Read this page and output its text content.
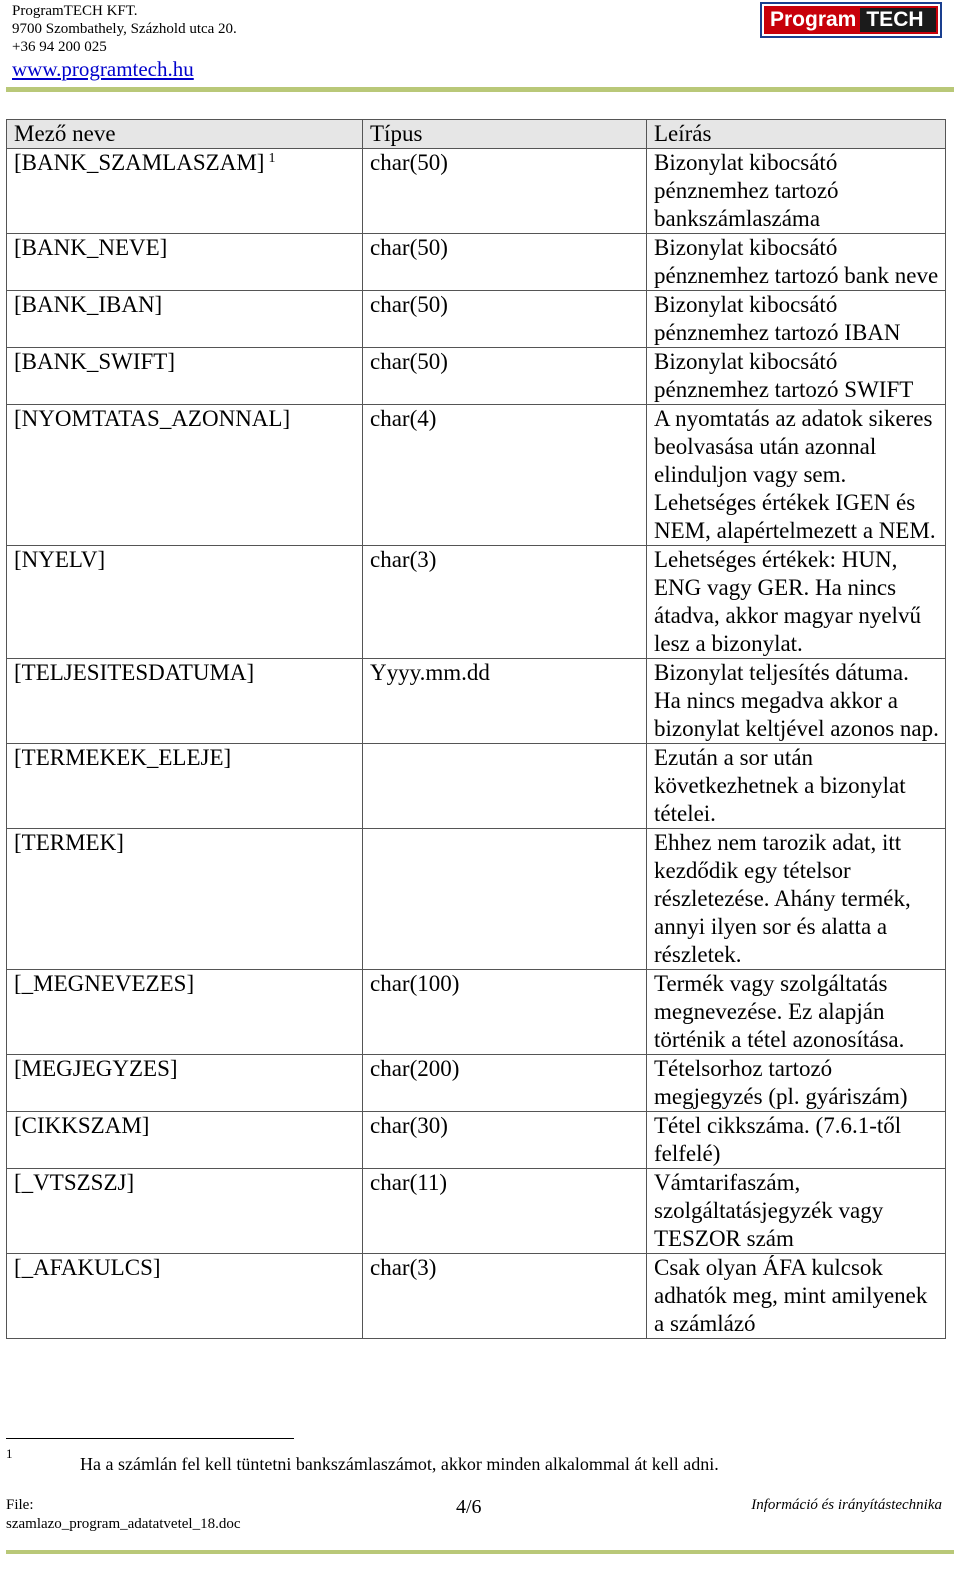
ProgramTECH KFT.
9700 Szombathely, Százhold utca 20.
+36 94 200 025
www.programtech.hu
Program TECH
Mező neve	Típus	Leírás
[BANK_SZAMLASZAM] $^1$	char(50)	Bizonylat kibocsátó pénznemhez tartozó bankszámlaszáma
[BANK_NEVE]	char(50)	Bizonylat kibocsátó pénznemhez tartozó bank neve
[BANK_IBAN]	char(50)	Bizonylat kibocsátó pénznemhez tartozó IBAN
[BANK_SWIFT]	char(50)	Bizonylat kibocsátó pénznemhez tartozó SWIFT
[NYOMTATAS_AZONNAL]	char(4)	A nyomtatás az adatok sikeres beolvasása után azonnal elinduljon vagy sem. Lehetséges értékek IGEN és NEM, alapértelmezett a NEM.
[NYELV]	char(3)	Lehetséges értékek: HUN, ENG vagy GER. Ha nincs átadva, akkor magyar nyelvű lesz a bizonylat.
[TELJESITESDATUMA]	Yyyy.mm.dd	Bizonylat teljesítés dátuma. Ha nincs megadva akkor a bizonylat keltjével azonos nap.
[TERMEKEK_ELEJE]		Ezután a sor után következhetnek a bizonylat tételei.
[TERMEK]		Ehhez nem tarozik adat, itt kezdődik egy tételsor részletezése. Ahány termék, annyi ilyen sor és alatta a részletek.
[_MEGNEVEZES]	char(100)	Termék vagy szolgáltatás megnevezése. Ez alapján történik a tétel azonosítása.
[MEGJEGYZES]	char(200)	Tételsorhoz tartozó megjegyzés (pl. gyáriszám)
[CIKKSZAM]	char(30)	Tétel cikkszáma. (7.6.1-től felfelé)
[_VTSZSZJ]	char(11)	Vámtarifaszám, szolgáltatásjegyzék vagy TESZOR szám
[_AFAKULCS]	char(3)	Csak olyan ÁFA kulcsok adhatók meg, mint amilyenek a számlázó
1
Ha a számlán fel kell tüntetni bankszámlaszámot, akkor minden alkalommal át kell adni.
File:
szamlazo_program_adatatvetel_18.doc
4/6	Információ és irányítástechnika
